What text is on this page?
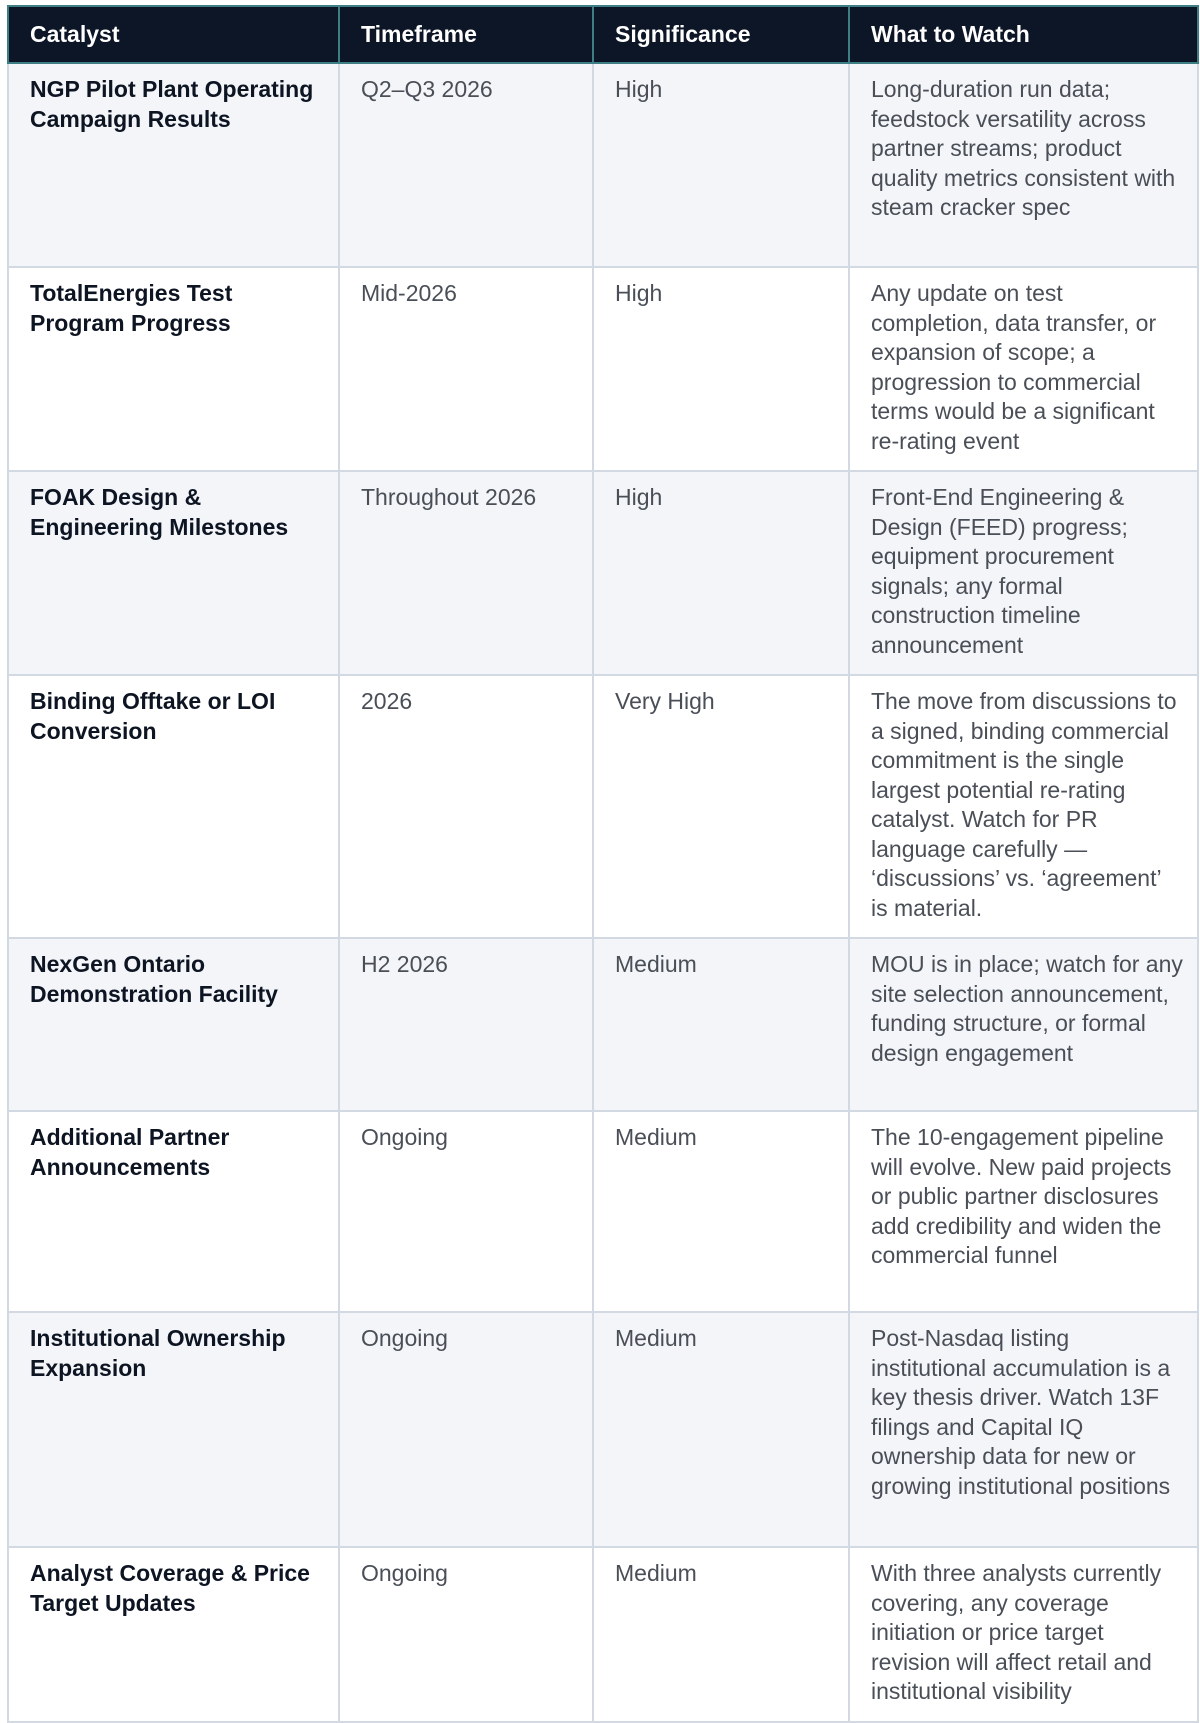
Catalyst	Timeframe	Significance	What to Watch
NGP Pilot Plant Operating Campaign Results	Q2–Q3 2026	High	Long-duration run data; feedstock versatility across partner streams; product quality metrics consistent with steam cracker spec
TotalEnergies Test Program Progress	Mid-2026	High	Any update on test completion, data transfer, or expansion of scope; a progression to commercial terms would be a significant re-rating event
FOAK Design & Engineering Milestones	Throughout 2026	High	Front-End Engineering & Design (FEED) progress; equipment procurement signals; any formal construction timeline announcement
Binding Offtake or LOI Conversion	2026	Very High	The move from discussions to a signed, binding commercial commitment is the single largest potential re-rating catalyst. Watch for PR language carefully — ‘discussions’ vs. ‘agreement’ is material.
NexGen Ontario Demonstration Facility	H2 2026	Medium	MOU is in place; watch for any site selection announcement, funding structure, or formal design engagement
Additional Partner Announcements	Ongoing	Medium	The 10-engagement pipeline will evolve. New paid projects or public partner disclosures add credibility and widen the commercial funnel
Institutional Ownership Expansion	Ongoing	Medium	Post-Nasdaq listing institutional accumulation is a key thesis driver. Watch 13F filings and Capital IQ ownership data for new or growing institutional positions
Analyst Coverage & Price Target Updates	Ongoing	Medium	With three analysts currently covering, any coverage initiation or price target revision will affect retail and institutional visibility
